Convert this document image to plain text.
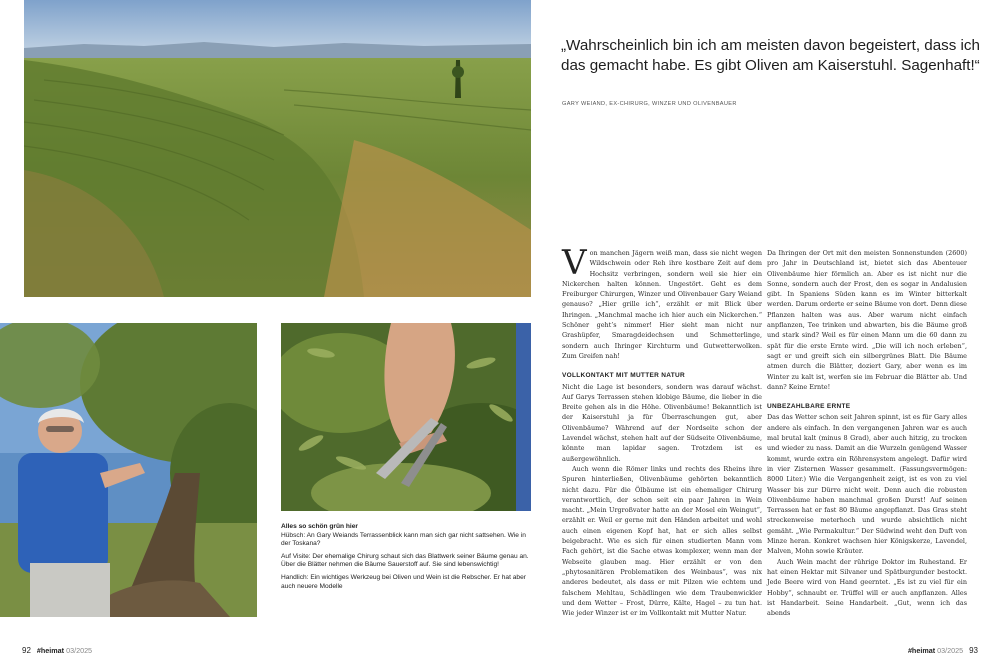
Alles so schön grün hier

Hübsch: An Gary Weiands Terrassenblick kann man sich gar nicht sattsehen. Wie in der Toskana?

Auf Visite: Der ehemalige Chirurg schaut sich das Blattwerk seiner Bäume genau an. Über die Blätter nehmen die Bäume Sauerstoff auf. Sie sind lebenswichtig!

Handlich: Ein wichtiges Werkzeug bei Oliven und Wein ist die Rebscher. Er hat aber auch neuere Modelle

„Wahrscheinlich bin ich am meisten davon begeistert, dass ich das gemacht habe. Es gibt Oliven am Kaiserstuhl. Sagenhaft!“
GARY WEIAND, EX-CHIRURG, WINZER UND OLIVENBAUER

Von manchen Jägern weiß man, dass sie nicht wegen Wildschwein oder Reh ihre kostbare Zeit auf dem Hochsitz verbringen, sondern weil sie hier ein Nickerchen halten können. Ungestört. Geht es dem Freiburger Chirurgen, Winzer und Olivenbauer Gary Weiand genauso? „Hier grille ich“, erzählt er mit Blick über Ihringen. „Manchmal mache ich hier auch ein Nickerchen.“ Schöner geht’s nimmer! Hier sieht man nicht nur Grashüpfer, Smaragdeidechsen und Schmetterlinge, sondern auch Ihringer Kirchturm und Gutwetterwolken. Zum Greifen nah!

VOLLKONTAKT MIT MUTTER NATUR

Nicht die Lage ist besonders, sondern was darauf wächst. Auf Garys Terrassen stehen klobige Bäume, die lieber in die Breite gehen als in die Höhe. Olivenbäume! Bekanntlich ist der Kaiserstuhl ja für Überraschungen gut, aber Olivenbäume? Während auf der Nordseite schon der Lavendel wächst, stehen halt auf der Südseite Olivenbäume, könnte man lapidar sagen. Trotzdem ist es außergewöhnlich.

Auch wenn die Römer links und rechts des Rheins ihre Spuren hinterließen, Olivenbäume gehörten bekanntlich nicht dazu. Für die Ölbäume ist ein ehemaliger Chirurg verantwortlich, der schon seit ein paar Jahren in Wein macht. „Mein Urgroßvater hatte an der Mosel ein Weingut“, erzählt er. Weil er gerne mit den Händen arbeitet und wohl auch einen eigenen Kopf hat, hat er sich alles selbst beigebracht. Wie es sich für einen studierten Mann vom Fach gehört, ist die Sache etwas komplexer, wenn man der Webseite glauben mag. Hier erzählt er von den „phytosanitären Problematiken des Weinbaus“, was nix anderes bedeutet, als dass er mit Pilzen wie echtem und falschem Mehltau, Schädlingen wie dem Traubenwickler und dem Wetter – Frost, Dürre, Kälte, Hagel – zu tun hat. Wie jeder Winzer ist er im Vollkontakt mit Mutter Natur.

Da Ihringen der Ort mit den meisten Sonnenstunden (2600) pro Jahr in Deutschland ist, bietet sich das Abenteuer Olivenbäume hier förmlich an. Aber es ist nicht nur die Sonne, sondern auch der Frost, den es sogar in Andalusien gibt. In Spaniens Süden kann es im Winter bitterkalt werden. Darum orderte er seine Bäume von dort. Denn diese Pflanzen halten was aus. Aber warum nicht einfach anpflanzen, Tee trinken und abwarten, bis die Bäume groß und stark sind? Weil es für einen Mann um die 60 dann zu spät für die erste Ernte wird. „Die will ich noch erleben“, sagt er und greift sich ein silbergrünes Blatt. Die Bäume atmen durch die Blätter, doziert Gary, aber wenn es im Winter zu kalt ist, werfen sie im Februar die Blätter ab. Und dann? Keine Ernte!

UNBEZAHLBARE ERNTE

Das das Wetter schon seit Jahren spinnt, ist es für Gary alles andere als einfach. In den vergangenen Jahren war es auch mal brutal kalt (minus 8 Grad), aber auch hitzig, zu trocken und wieder zu nass. Damit an die Wurzeln genügend Wasser kommt, wurde extra ein Röhrensystem angelegt. Dafür wird in vier Zisternen Wasser gesammelt. (Fassungsvermögen: 8000 Liter.) Wie die Vergangenheit zeigt, ist es von zu viel Wasser bis zur Dürre nicht weit. Denn auch die robusten Olivenbäume haben manchmal großen Durst! Auf seinen Terrassen hat er fast 80 Bäume angepflanzt. Das Gras steht streckenweise meterhoch und wurde absichtlich nicht gemäht. „Wie Permakultur.“ Der Südwind weht den Duft von Minze heran. Konkret wachsen hier Königskerze, Lavendel, Malven, Mohn sowie Kräuter.

Auch Wein macht der rührige Doktor im Ruhestand. Er hat einen Hektar mit Silvaner und Spätburgunder bestockt. Jede Beere wird von Hand geerntet. „Es ist zu viel für ein Hobby“, schnaubt er. Trüffel will er auch anpflanzen. Alles ist Handarbeit. Seine Handarbeit. „Gut, wenn ich das abends

92 #heimat 03/2025	#heimat 03/2025 93
